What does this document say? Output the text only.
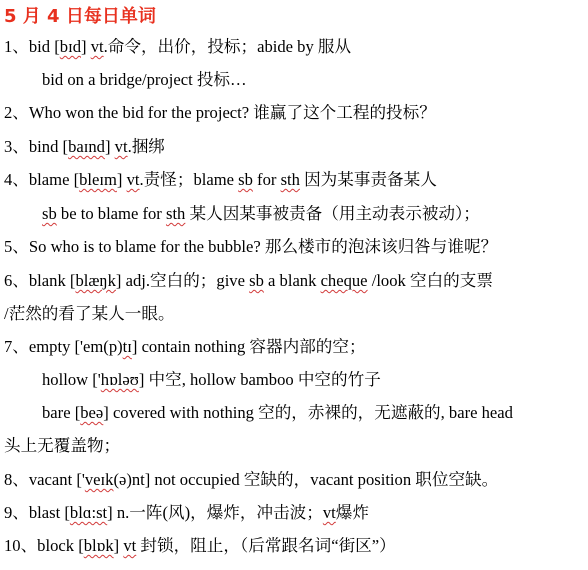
5 月 4 日每日单词
1、bid [bɪd] vt.命令，出价，投标；abide by 服从
bid on a bridge/project 投标…
2、Who won the bid for the project? 谁赢了这个工程的投标？
3、bind [baɪnd] vt.捆绑
4、blame [bleɪm] vt.责怪；blame sb for sth 因为某事责备某人
sb be to blame for sth 某人因某事被责备（用主动表示被动）；
5、So who is to blame for the bubble? 那么楼市的泡沫该归咎与谁呢？
6、blank [blæŋk] adj.空白的；give sb a blank cheque /look 空白的支票
/茫然的看了某人一眼。
7、empty ['em(p)tɪ] contain nothing 容器内部的空；
hollow ['hɒləʊ] 中空, hollow bamboo 中空的竹子
bare [beə] covered with nothing 空的，赤裸的，无遮蔽的, bare head
头上无覆盖物；
8、vacant ['veɪk(ə)nt] not occupied 空缺的，vacant position 职位空缺。
9、blast [blɑ:st] n.一阵(风)，爆炸，冲击波；vt爆炸
10、block [blɒk] vt 封锁，阻止，（后常跟名词“街区”）
